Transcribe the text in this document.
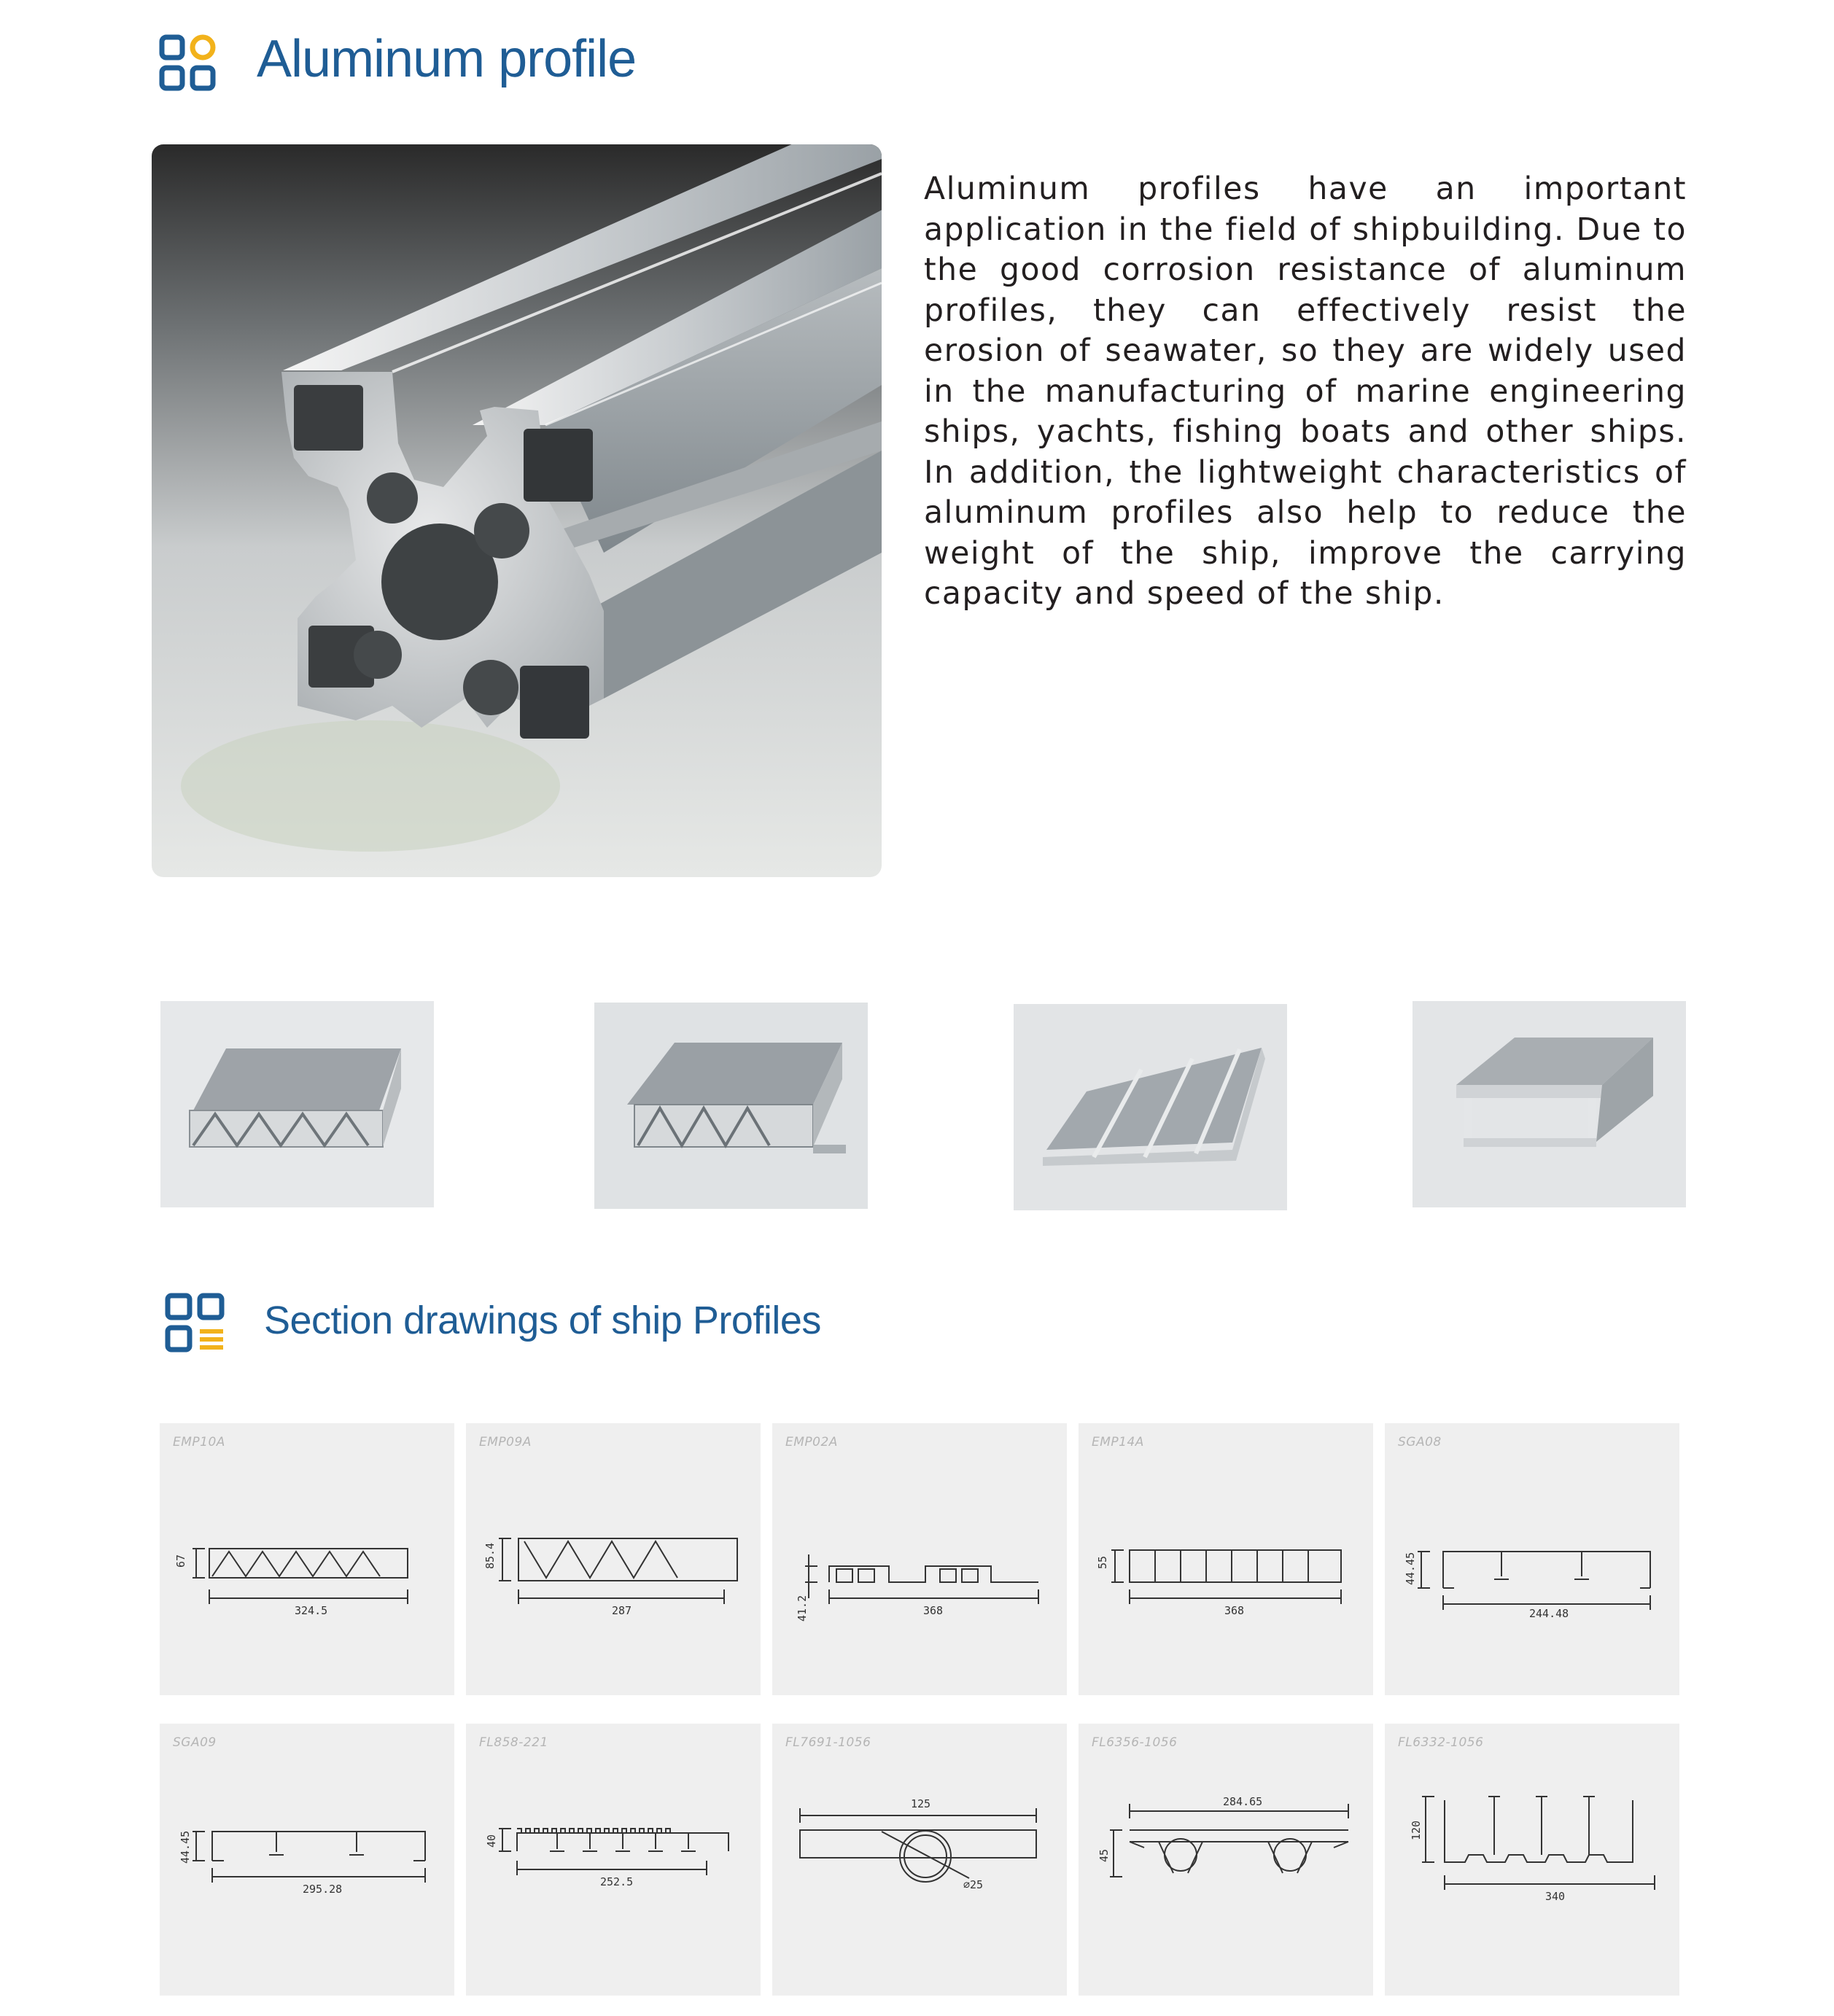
Aluminum profile

Aluminum profiles have an important application in the field of shipbuilding. Due to the good corrosion resistance of aluminum profiles, they can effectively resist the erosion of seawater, so they are widely used in the manufacturing of marine engineering ships, yachts, fishing boats and other ships. In addition, the lightweight characteristics of aluminum profiles also help to reduce the weight of the ship, improve the carrying capacity and speed of the ship.

Section drawings of ship Profiles
EMP10A
67
324.5
EMP09A
85.4
287
EMP02A
41.2	368
EMP14A
55
368
SGA08
44.45
244.48
SGA09
44.45
295.28
FL858-221
40
252.5
FL7691-1056
125
∅25
FL6356-1056
284.65
45
FL6332-1056
120
340
